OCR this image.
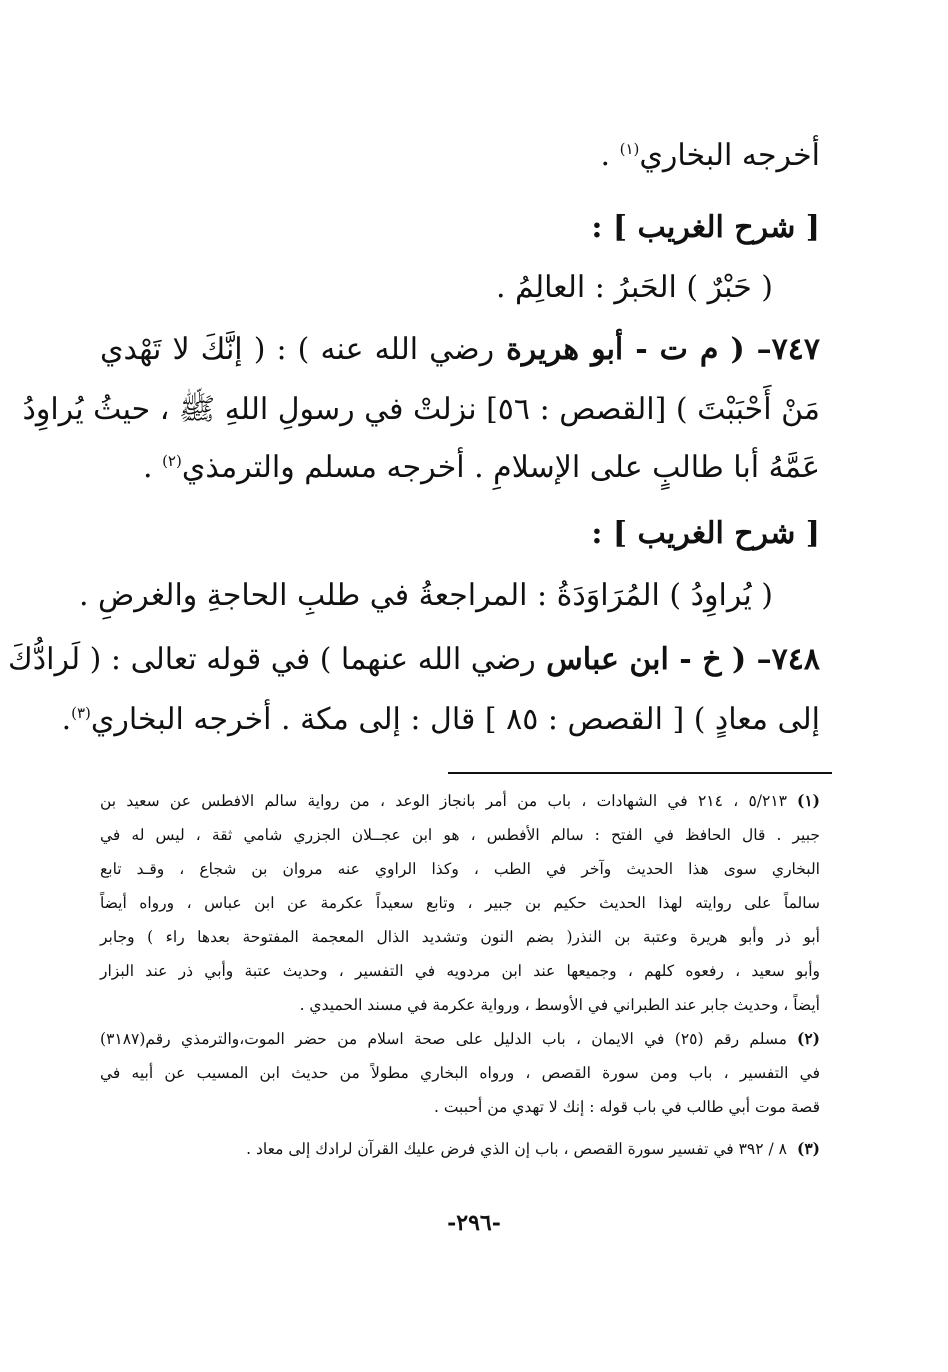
أخرجه البخاري$^{(١)}$ .
[ شرح الغريب ] :
( حَبْرٌ ) الحَبرُ : العالِمُ .
٧٤٧– ( م ت - أبو هريرة رضي الله عنه ) : ( إنَّكَ لا تَهْدي
مَنْ أَحْبَبْتَ ) [القصص : ٥٦] نزلتْ في رسولِ اللهِ ﷺ ، حيثُ يُراوِدُ
عَمَّهُ أبا طالبٍ على الإسلامِ . أخرجه مسلم والترمذي$^{(٢)}$ .
[ شرح الغريب ] :
( يُراوِدُ ) المُرَاوَدَةُ : المراجعةُ في طلبِ الحاجةِ والغرضِ .
٧٤٨– ( خ - ابن عباس رضي الله عنهما ) في قوله تعالى : ( لَرادُّكَ
إلى معادٍ ) [ القصص : ٨٥ ] قال : إلى مكة . أخرجه البخاري$^{(٣)}$.
(١)٥/٢١٣ ، ٢١٤ في الشهادات ، باب من أمر بانجاز الوعد ، من رواية سالم الافطس عن سعيد بن
جبير . قال الحافظ في الفتح : سالم الأفطس ، هو ابن عجــلان الجزري شامي ثقة ، ليس له في
البخاري سوى هذا الحديث وآخر في الطب ، وكذا الراوي عنه مروان بن شجاع ، وقـد تابع
سالماً على روايته لهذا الحديث حكيم بن جبير ، وتابع سعيداً عكرمة عن ابن عباس ، ورواه أيضاً
أبو ذر وأبو هريرة وعتبة بن النذر( بضم النون وتشديد الذال المعجمة المفتوحة بعدها راء ) وجابر
وأبو سعيد ، رفعوه كلهم ، وجميعها عند ابن مردويه في التفسير ، وحديث عتبة وأبي ذر عند البزار
أيضاً ، وحديث جابر عند الطبراني في الأوسط ، ورواية عكرمة في مسند الحميدي .
(٢)مسلم رقم (٢٥) في الايمان ، باب الدليل على صحة اسلام من حضر الموت،والترمذي رقم(٣١٨٧)
في التفسير ، باب ومن سورة القصص ، ورواه البخاري مطولاً من حديث ابن المسيب عن أبيه في
قصة موت أبي طالب في باب قوله : إنك لا تهدي من أحببت .
(٣)٨ / ٣٩٢ في تفسير سورة القصص ، باب إن الذي فرض عليك القرآن لرادك إلى معاد .
-٢٩٦-
